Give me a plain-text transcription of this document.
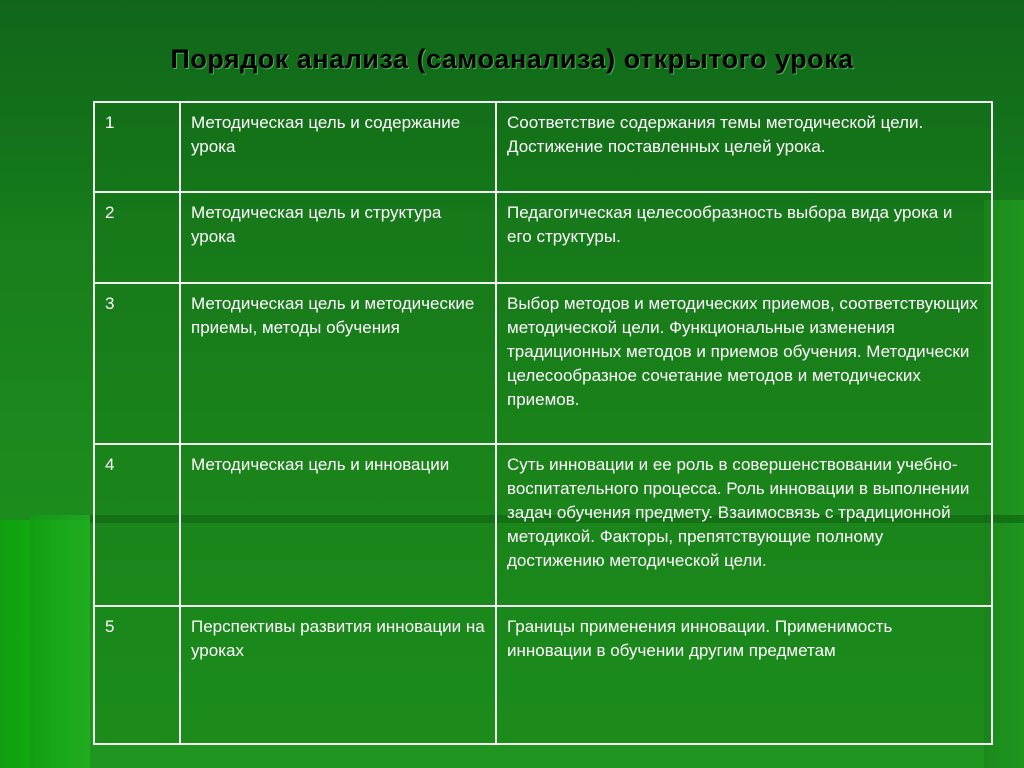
Порядок анализа (самоанализа) открытого урока
1	Методическая цель и содержание урока	Соответствие содержания темы методической цели. Достижение поставленных целей урока.
2	Методическая цель и структура урока	Педагогическая целесообразность выбора вида урока и его структуры.
3	Методическая цель и методические приемы, методы обучения	Выбор методов и методических приемов, соответствующих методической цели. Функциональные изменения традиционных методов и приемов обучения. Методически целесообразное сочетание методов и методических приемов.
4	Методическая цель и инновации	Суть инновации и ее роль в совершенствовании учебно-воспитательного процесса. Роль инновации в выполнении задач обучения предмету. Взаимосвязь с традиционной методикой. Факторы, препятствующие полному достижению методической цели.
5	Перспективы развития инновации на уроках	Границы применения инновации. Применимость инновации в обучении другим предметам
